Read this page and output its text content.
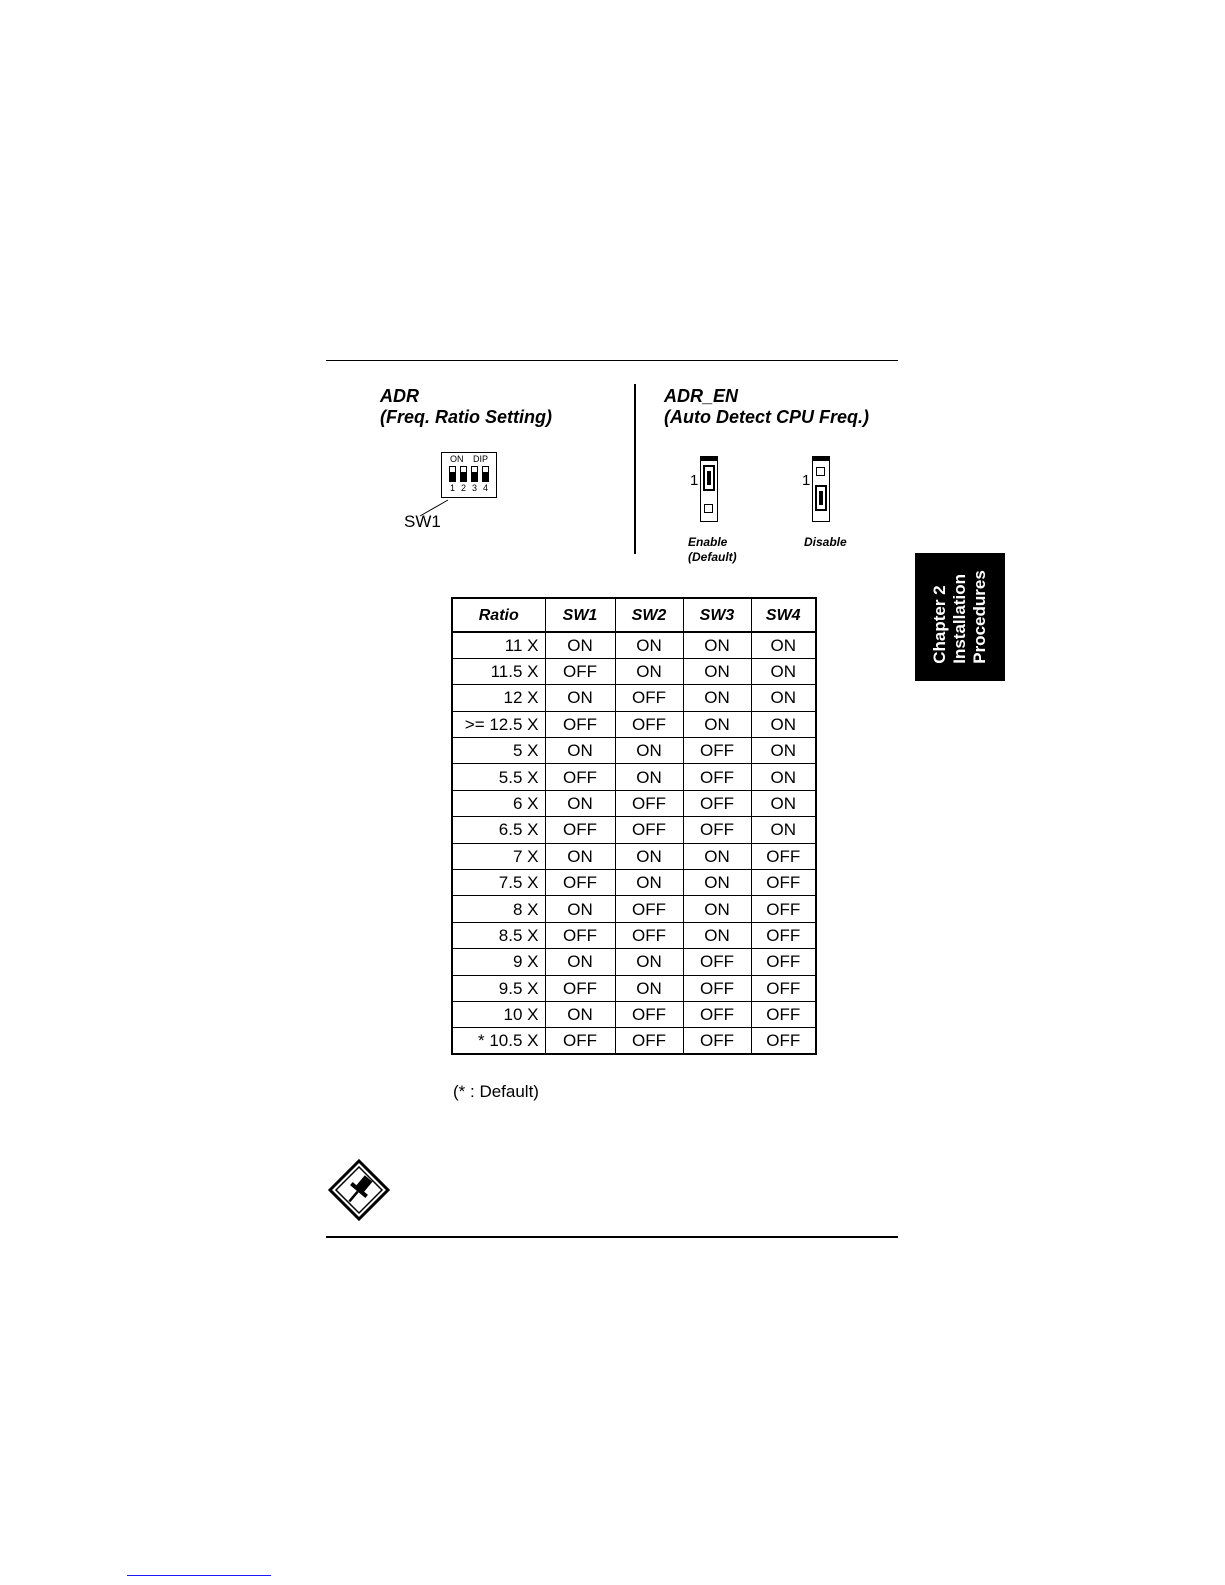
ADR
(Freq. Ratio Setting)
ON DIP
1 2 3 4
SW1
ADR_EN
(Auto Detect CPU Freq.)
1
Enable
(Default)
1
Disable
Chapter 2 Installation Procedures
Ratio	SW1	SW2	SW3	SW4
11 X	ON	ON	ON	ON
11.5 X	OFF	ON	ON	ON
12 X	ON	OFF	ON	ON
>= 12.5 X	OFF	OFF	ON	ON
5 X	ON	ON	OFF	ON
5.5 X	OFF	ON	OFF	ON
6 X	ON	OFF	OFF	ON
6.5 X	OFF	OFF	OFF	ON
7 X	ON	ON	ON	OFF
7.5 X	OFF	ON	ON	OFF
8 X	ON	OFF	ON	OFF
8.5 X	OFF	OFF	ON	OFF
9 X	ON	ON	OFF	OFF
9.5 X	OFF	ON	OFF	OFF
10 X	ON	OFF	OFF	OFF
* 10.5 X	OFF	OFF	OFF	OFF
(* : Default)
